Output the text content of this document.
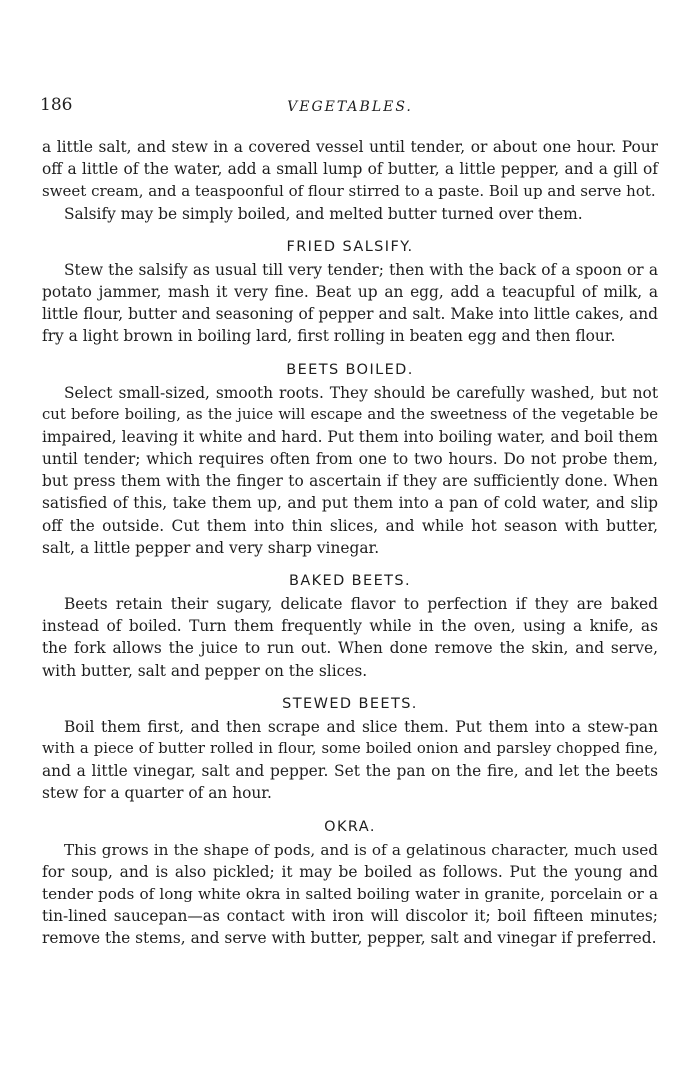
186	VEGETABLES.
a little salt, and stew in a covered vessel until tender, or about one hour. Pour
off a little of the water, add a small lump of butter, a little pepper, and a gill of
sweet cream, and a teaspoonful of flour stirred to a paste. Boil up and serve hot.
Salsify may be simply boiled, and melted butter turned over them.
FRIED SALSIFY.
Stew the salsify as usual till very tender; then with the back of a spoon or a
potato jammer, mash it very fine. Beat up an egg, add a teacupful of milk, a
little flour, butter and seasoning of pepper and salt. Make into little cakes, and
fry a light brown in boiling lard, first rolling in beaten egg and then flour.
BEETS BOILED.
Select small-sized, smooth roots. They should be carefully washed, but not
cut before boiling, as the juice will escape and the sweetness of the vegetable be
impaired, leaving it white and hard. Put them into boiling water, and boil them
until tender; which requires often from one to two hours. Do not probe them,
but press them with the finger to ascertain if they are sufficiently done. When
satisfied of this, take them up, and put them into a pan of cold water, and slip
off the outside. Cut them into thin slices, and while hot season with butter,
salt, a little pepper and very sharp vinegar.
BAKED BEETS.
Beets retain their sugary, delicate flavor to perfection if they are baked
instead of boiled. Turn them frequently while in the oven, using a knife, as
the fork allows the juice to run out. When done remove the skin, and serve,
with butter, salt and pepper on the slices.
STEWED BEETS.
Boil them first, and then scrape and slice them. Put them into a stew-pan
with a piece of butter rolled in flour, some boiled onion and parsley chopped fine,
and a little vinegar, salt and pepper. Set the pan on the fire, and let the beets
stew for a quarter of an hour.
OKRA.
This grows in the shape of pods, and is of a gelatinous character, much used
for soup, and is also pickled; it may be boiled as follows. Put the young and
tender pods of long white okra in salted boiling water in granite, porcelain or a
tin-lined saucepan—as contact with iron will discolor it; boil fifteen minutes;
remove the stems, and serve with butter, pepper, salt and vinegar if preferred.
